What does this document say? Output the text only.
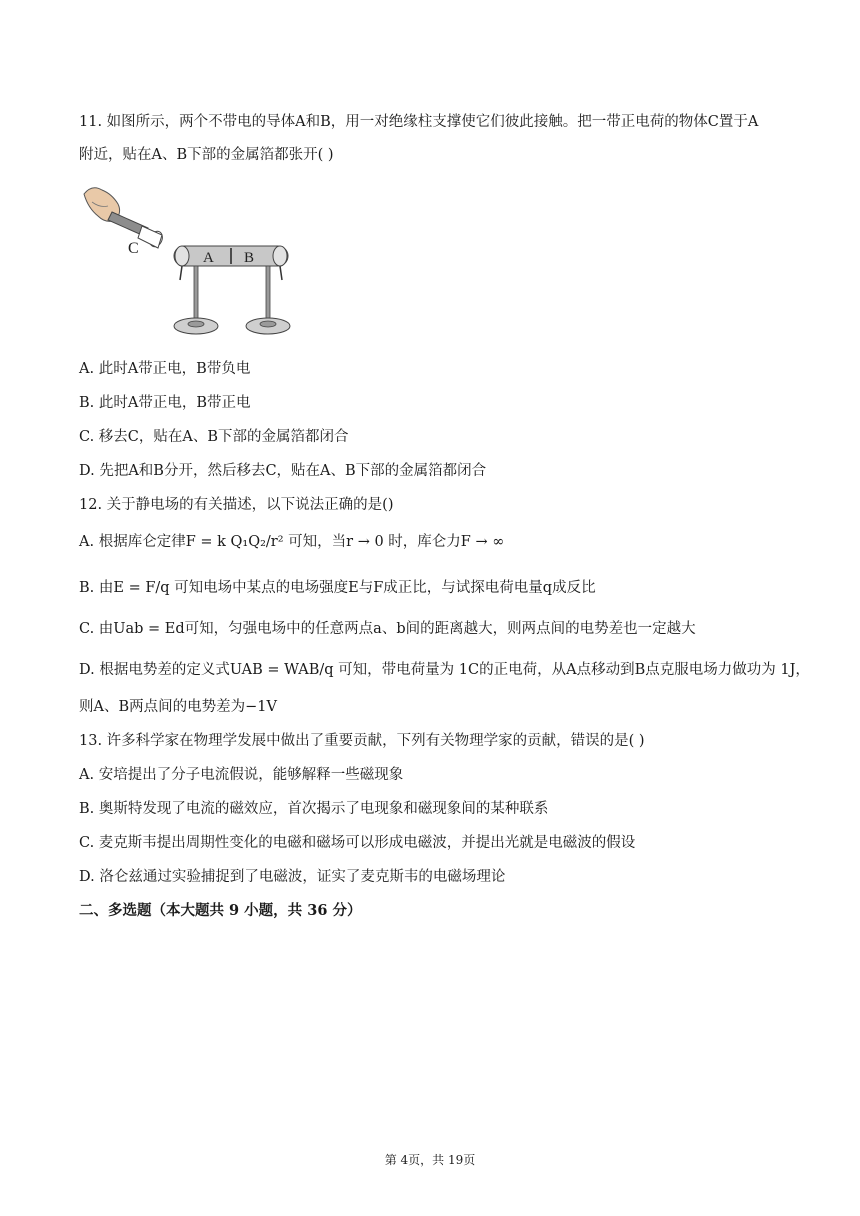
11. 如图所示，两个不带电的导体A和B，用一对绝缘柱支撑使它们彼此接触。把一带正电荷的物体C置于A
附近，贴在A、B下部的金属箔都张开( )
C
A B
A. 此时A带正电，B带负电
B. 此时A带正电，B带正电
C. 移去C，贴在A、B下部的金属箔都闭合
D. 先把A和B分开，然后移去C，贴在A、B下部的金属箔都闭合
12. 关于静电场的有关描述，以下说法正确的是()
A. 根据库仑定律F = k Q₁Q₂/r² 可知，当r → 0 时，库仑力F → ∞
B. 由E = F/q 可知电场中某点的电场强度E与F成正比，与试探电荷电量q成反比
C. 由Uab = Ed可知，匀强电场中的任意两点a、b间的距离越大，则两点间的电势差也一定越大
D. 根据电势差的定义式UAB = WAB/q 可知，带电荷量为 1C的正电荷，从A点移动到B点克服电场力做功为 1J，
则A、B两点间的电势差为−1V
13. 许多科学家在物理学发展中做出了重要贡献，下列有关物理学家的贡献，错误的是( )
A. 安培提出了分子电流假说，能够解释一些磁现象
B. 奥斯特发现了电流的磁效应，首次揭示了电现象和磁现象间的某种联系
C. 麦克斯韦提出周期性变化的电磁和磁场可以形成电磁波，并提出光就是电磁波的假设
D. 洛仑兹通过实验捕捉到了电磁波，证实了麦克斯韦的电磁场理论
二、多选题（本大题共 9 小题，共 36 分）
第 4页，共 19页
